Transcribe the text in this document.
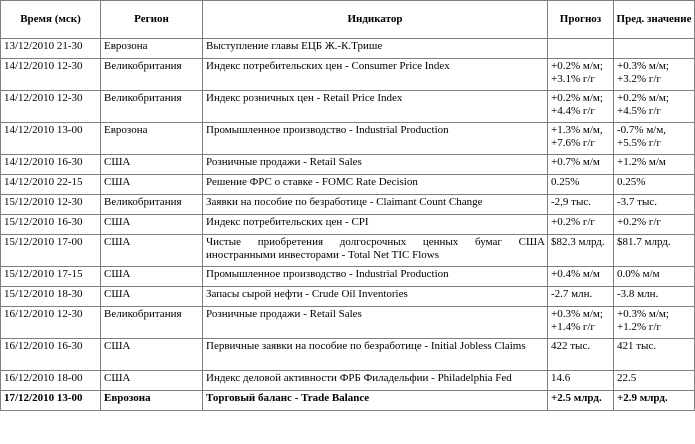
Время (мск)	Регион	Индикатор	Прогноз	Пред. значение
13/12/2010 21-30	Еврозона	Выступление главы ЕЦБ Ж.-К.Трише		
14/12/2010 12-30	Великобритания	Индекс потребительских цен - Consumer Price Index	+0.2% м/м; +3.1% г/г	+0.3% м/м; +3.2% г/г
14/12/2010 12-30	Великобритания	Индекс розничных цен - Retail Price Index	+0.2% м/м; +4.4% г/г	+0.2% м/м; +4.5% г/г
14/12/2010 13-00	Еврозона	Промышленное производство - Industrial Production	+1.3% м/м, +7.6% г/г	-0.7% м/м, +5.5% г/г
14/12/2010 16-30	США	Розничные продажи - Retail Sales	+0.7% м/м	+1.2% м/м
14/12/2010 22-15	США	Решение ФРС о ставке - FOMC Rate Decision	0.25%	0.25%
15/12/2010 12-30	Великобритания	Заявки на пособие по безработице - Claimant Count Change	-2,9 тыс.	-3.7 тыс.
15/12/2010 16-30	США	Индекс потребительских цен - CPI	+0.2% г/г	+0.2% г/г
15/12/2010 17-00	США	Чистые приобретения долгосрочных ценных бумаг США иностранными инвесторами - Total Net TIC Flows	$82.3 млрд.	$81.7 млрд.
15/12/2010 17-15	США	Промышленное производство - Industrial Production	+0.4% м/м	0.0% м/м
15/12/2010 18-30	США	Запасы сырой нефти - Crude Oil Inventories	-2.7 млн.	-3.8 млн.
16/12/2010 12-30	Великобритания	Розничные продажи - Retail Sales	+0.3% м/м; +1.4% г/г	+0.3% м/м; +1.2% г/г
16/12/2010 16-30	США	Первичные заявки на пособие по безработице - Initial Jobless Claims	422 тыс.	421 тыс.
16/12/2010 18-00	США	Индекс деловой активности ФРБ Филадельфии - Philadelphia Fed	14.6	22.5
17/12/2010 13-00	Еврозона	Торговый баланс - Trade Balance	+2.5 млрд.	+2.9 млрд.
